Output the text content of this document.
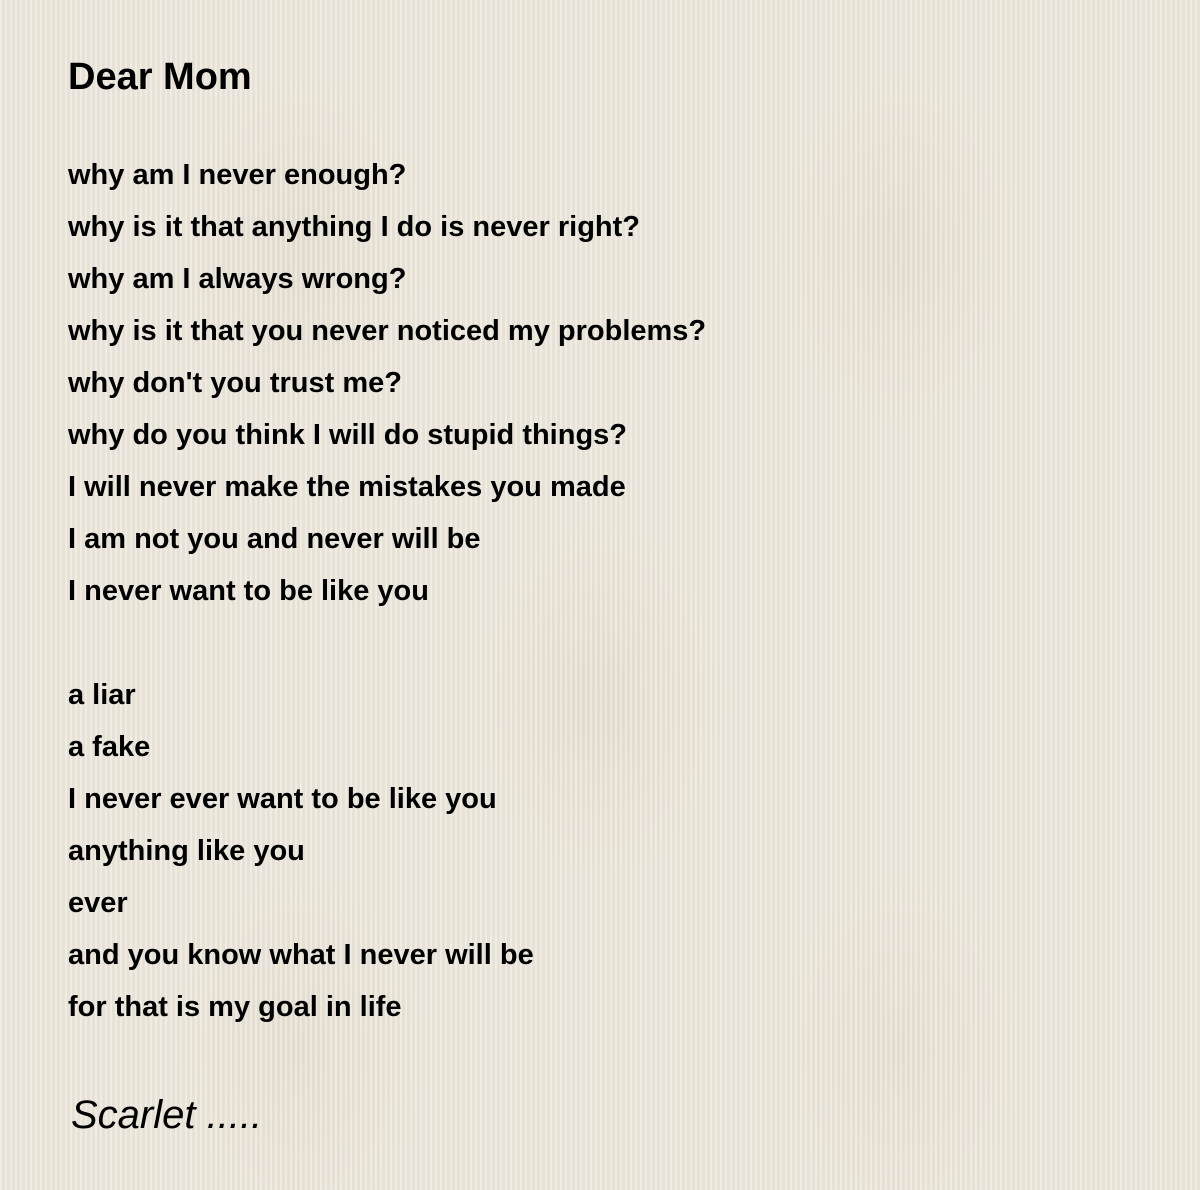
Dear Mom
why am I never enough?
why is it that anything I do is never right?
why am I always wrong?
why is it that you never noticed my problems?
why don't you trust me?
why do you think I will do stupid things?
I will never make the mistakes you made
I am not you and never will be
I never want to be like you
a liar
a fake
I never ever want to be like you
anything like you
ever
and you know what I never will be
for that is my goal in life
Scarlet .....
